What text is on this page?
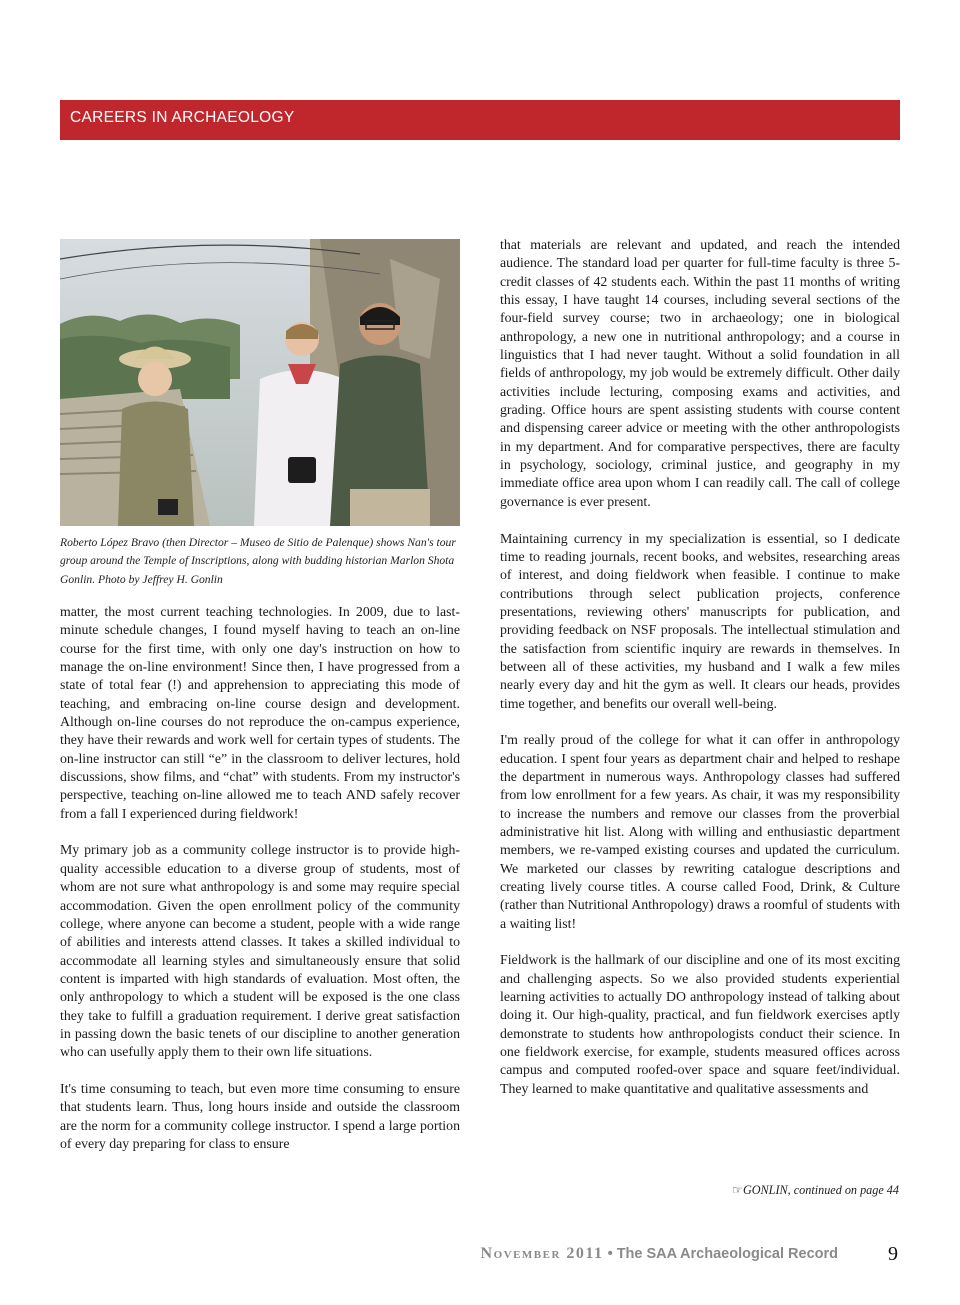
CAREERS IN ARCHAEOLOGY
Roberto López Bravo (then Director – Museo de Sitio de Palenque) shows Nan's tour group around the Temple of Inscriptions, along with budding historian Marlon Shota Gonlin. Photo by Jeffrey H. Gonlin

matter, the most current teaching technologies. In 2009, due to last-minute schedule changes, I found myself having to teach an on-line course for the first time, with only one day's instruction on how to manage the on-line environment! Since then, I have progressed from a state of total fear (!) and apprehension to appreciating this mode of teaching, and embracing on-line course design and development. Although on-line courses do not reproduce the on-campus experience, they have their rewards and work well for certain types of students. The on-line instructor can still “e” in the classroom to deliver lectures, hold discussions, show films, and “chat” with students. From my instructor's perspective, teaching on-line allowed me to teach AND safely recover from a fall I experienced during fieldwork!

My primary job as a community college instructor is to provide high-quality accessible education to a diverse group of students, most of whom are not sure what anthropology is and some may require special accommodation. Given the open enrollment policy of the community college, where anyone can become a student, people with a wide range of abilities and interests attend classes. It takes a skilled individual to accommodate all learning styles and simultaneously ensure that solid content is imparted with high standards of evaluation. Most often, the only anthropology to which a student will be exposed is the one class they take to fulfill a graduation requirement. I derive great satisfaction in passing down the basic tenets of our discipline to another generation who can usefully apply them to their own life situations.

It's time consuming to teach, but even more time consuming to ensure that students learn. Thus, long hours inside and outside the classroom are the norm for a community college instructor. I spend a large portion of every day preparing for class to ensure

that materials are relevant and updated, and reach the intended audience. The standard load per quarter for full-time faculty is three 5-credit classes of 42 students each. Within the past 11 months of writing this essay, I have taught 14 courses, including several sections of the four-field survey course; two in archaeology; one in biological anthropology, a new one in nutritional anthropology; and a course in linguistics that I had never taught. Without a solid foundation in all fields of anthropology, my job would be extremely difficult. Other daily activities include lecturing, composing exams and activities, and grading. Office hours are spent assisting students with course content and dispensing career advice or meeting with the other anthropologists in my department. And for comparative perspectives, there are faculty in psychology, sociology, criminal justice, and geography in my immediate office area upon whom I can readily call. The call of college governance is ever present.

Maintaining currency in my specialization is essential, so I dedicate time to reading journals, recent books, and websites, researching areas of interest, and doing fieldwork when feasible. I continue to make contributions through select publication projects, conference presentations, reviewing others' manuscripts for publication, and providing feedback on NSF proposals. The intellectual stimulation and the satisfaction from scientific inquiry are rewards in themselves. In between all of these activities, my husband and I walk a few miles nearly every day and hit the gym as well. It clears our heads, provides time together, and benefits our overall well-being.

I'm really proud of the college for what it can offer in anthropology education. I spent four years as department chair and helped to reshape the department in numerous ways. Anthropology classes had suffered from low enrollment for a few years. As chair, it was my responsibility to increase the numbers and remove our classes from the proverbial administrative hit list. Along with willing and enthusiastic department members, we re-vamped existing courses and updated the curriculum. We marketed our classes by rewriting catalogue descriptions and creating lively course titles. A course called Food, Drink, & Culture (rather than Nutritional Anthropology) draws a roomful of students with a waiting list!

Fieldwork is the hallmark of our discipline and one of its most exciting and challenging aspects. So we also provided students experiential learning activities to actually DO anthropology instead of talking about doing it. Our high-quality, practical, and fun fieldwork exercises aptly demonstrate to students how anthropologists conduct their science. In one fieldwork exercise, for example, students measured offices across campus and computed roofed-over space and square feet/individual. They learned to make quantitative and qualitative assessments and

☞GONLIN, continued on page 44
November 2011 • The SAA Archaeological Record	9
